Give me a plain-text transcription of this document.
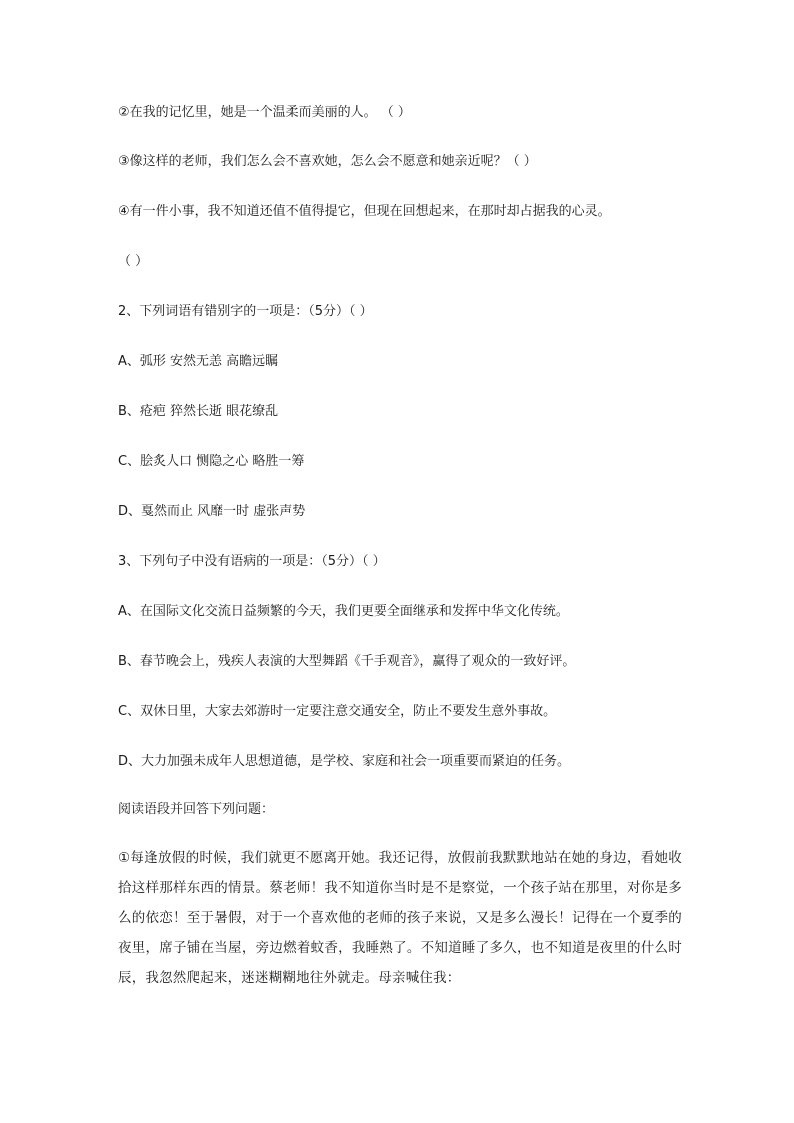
②在我的记忆里，她是一个温柔而美丽的人。 （ ）
③像这样的老师，我们怎么会不喜欢她，怎么会不愿意和她亲近呢？（ ）
④有一件小事，我不知道还值不值得提它，但现在回想起来，在那时却占据我的心灵。
（ ）
2、下列词语有错别字的一项是：（5分）（ ）
A、弧形 安然无恙 高瞻远瞩
B、疮疤 猝然长逝 眼花缭乱
C、脍炙人口 恻隐之心 略胜一筹
D、戛然而止 风靡一时 虚张声势
3、下列句子中没有语病的一项是：（5分）（ ）
A、在国际文化交流日益频繁的今天，我们更要全面继承和发挥中华文化传统。
B、春节晚会上，残疾人表演的大型舞蹈《千手观音》，赢得了观众的一致好评。
C、双休日里，大家去郊游时一定要注意交通安全，防止不要发生意外事故。
D、大力加强未成年人思想道德，是学校、家庭和社会一项重要而紧迫的任务。
阅读语段并回答下列问题：
①每逢放假的时候，我们就更不愿离开她。我还记得，放假前我默默地站在她的身边，看她收拾这样那样东西的情景。蔡老师！我不知道你当时是不是察觉，一个孩子站在那里，对你是多么的依恋！至于暑假，对于一个喜欢他的老师的孩子来说，又是多么漫长！记得在一个夏季的夜里，席子铺在当屋，旁边燃着蚊香，我睡熟了。不知道睡了多久，也不知道是夜里的什么时辰，我忽然爬起来，迷迷糊糊地往外就走。母亲喊住我：
